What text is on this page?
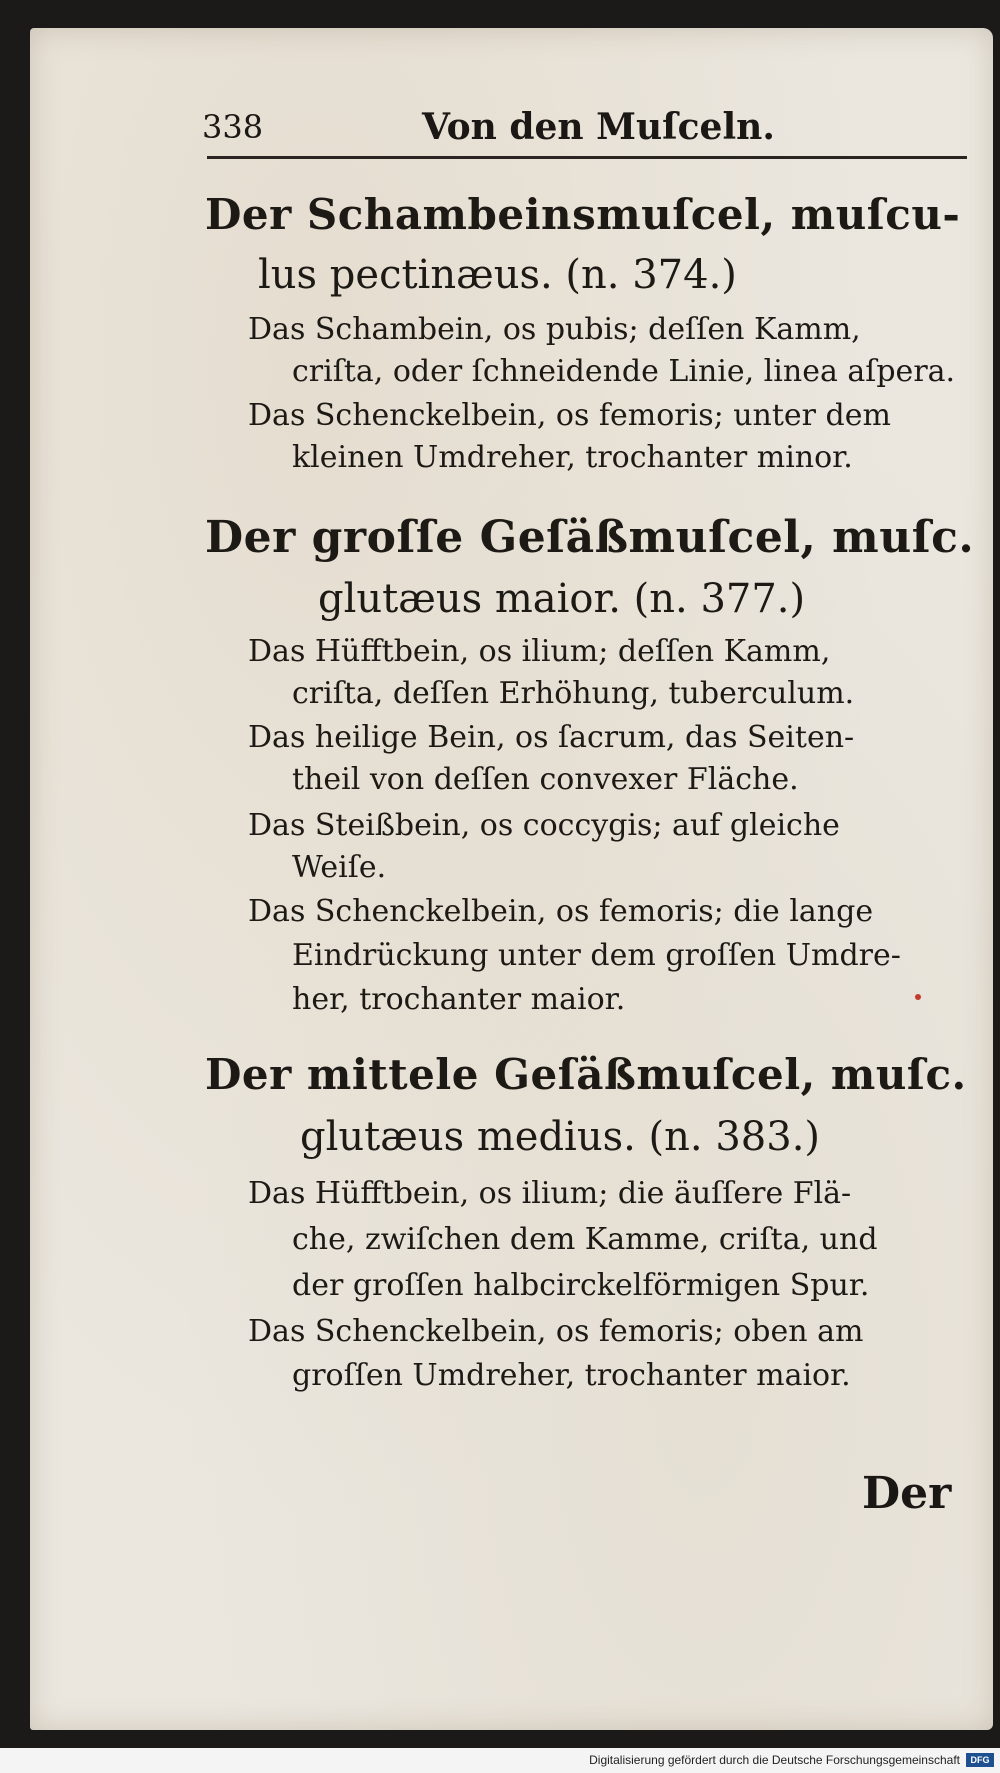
338	Von den Muſceln.
Der Schambeinsmuſcel, muſcu-
lus pectinæus. (n. 374.)
Das Schambein, os pubis; deſſen Kamm,
criſta, oder ſchneidende Linie, linea aſpera.
Das Schenckelbein, os femoris; unter dem
kleinen Umdreher, trochanter minor.
Der groſſe Geſäßmuſcel, muſc.
glutæus maior. (n. 377.)
Das Hüfftbein, os ilium; deſſen Kamm,
criſta, deſſen Erhöhung, tuberculum.
Das heilige Bein, os ſacrum, das Seiten-
theil von deſſen convexer Fläche.
Das Steißbein, os coccygis; auf gleiche
Weiſe.
Das Schenckelbein, os femoris; die lange
Eindrückung unter dem groſſen Umdre-
her, trochanter maior.
Der mittele Geſäßmuſcel, muſc.
glutæus medius. (n. 383.)
Das Hüfftbein, os ilium; die äuſſere Flä-
che, zwiſchen dem Kamme, criſta, und
der groſſen halbcirckelförmigen Spur.
Das Schenckelbein, os femoris; oben am
groſſen Umdreher, trochanter maior.
Der
Digitalisierung gefördert durch die Deutsche Forschungsgemeinschaft	DFG
